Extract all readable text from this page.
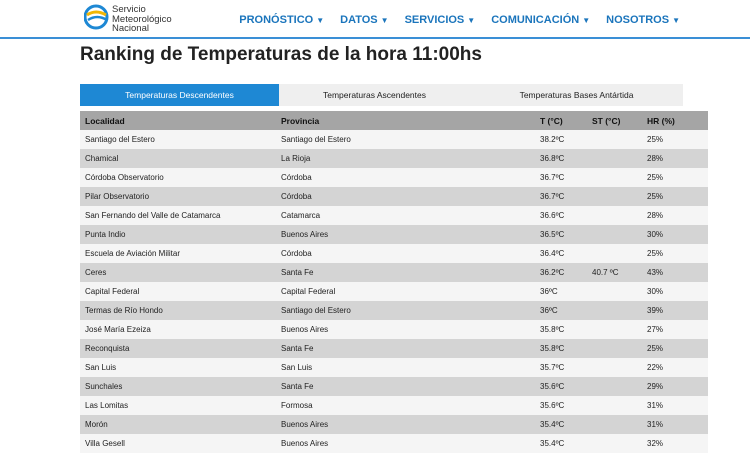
Servicio
Meteorológico
Nacional
PRONÓSTICO ▼ DATOS ▼ SERVICIOS ▼ COMUNICACIÓN ▼ NOSOTROS ▼
Ranking de Temperaturas de la hora 11:00hs
Temperaturas Descendentes	Temperaturas Ascendentes	Temperaturas Bases Antártida
Localidad	Provincia	T (°C)	ST (°C)	HR (%)
Santiago del Estero	Santiago del Estero	38.2ºC		25%
Chamical	La Rioja	36.8ºC		28%
Córdoba Observatorio	Córdoba	36.7ºC		25%
Pilar Observatorio	Córdoba	36.7ºC		25%
San Fernando del Valle de Catamarca	Catamarca	36.6ºC		28%
Punta Indio	Buenos Aires	36.5ºC		30%
Escuela de Aviación Militar	Córdoba	36.4ºC		25%
Ceres	Santa Fe	36.2ºC	40.7 ºC	43%
Capital Federal	Capital Federal	36ºC		30%
Termas de Río Hondo	Santiago del Estero	36ºC		39%
José María Ezeiza	Buenos Aires	35.8ºC		27%
Reconquista	Santa Fe	35.8ºC		25%
San Luis	San Luis	35.7ºC		22%
Sunchales	Santa Fe	35.6ºC		29%
Las Lomitas	Formosa	35.6ºC		31%
Morón	Buenos Aires	35.4ºC		31%
Villa Gesell	Buenos Aires	35.4ºC		32%
